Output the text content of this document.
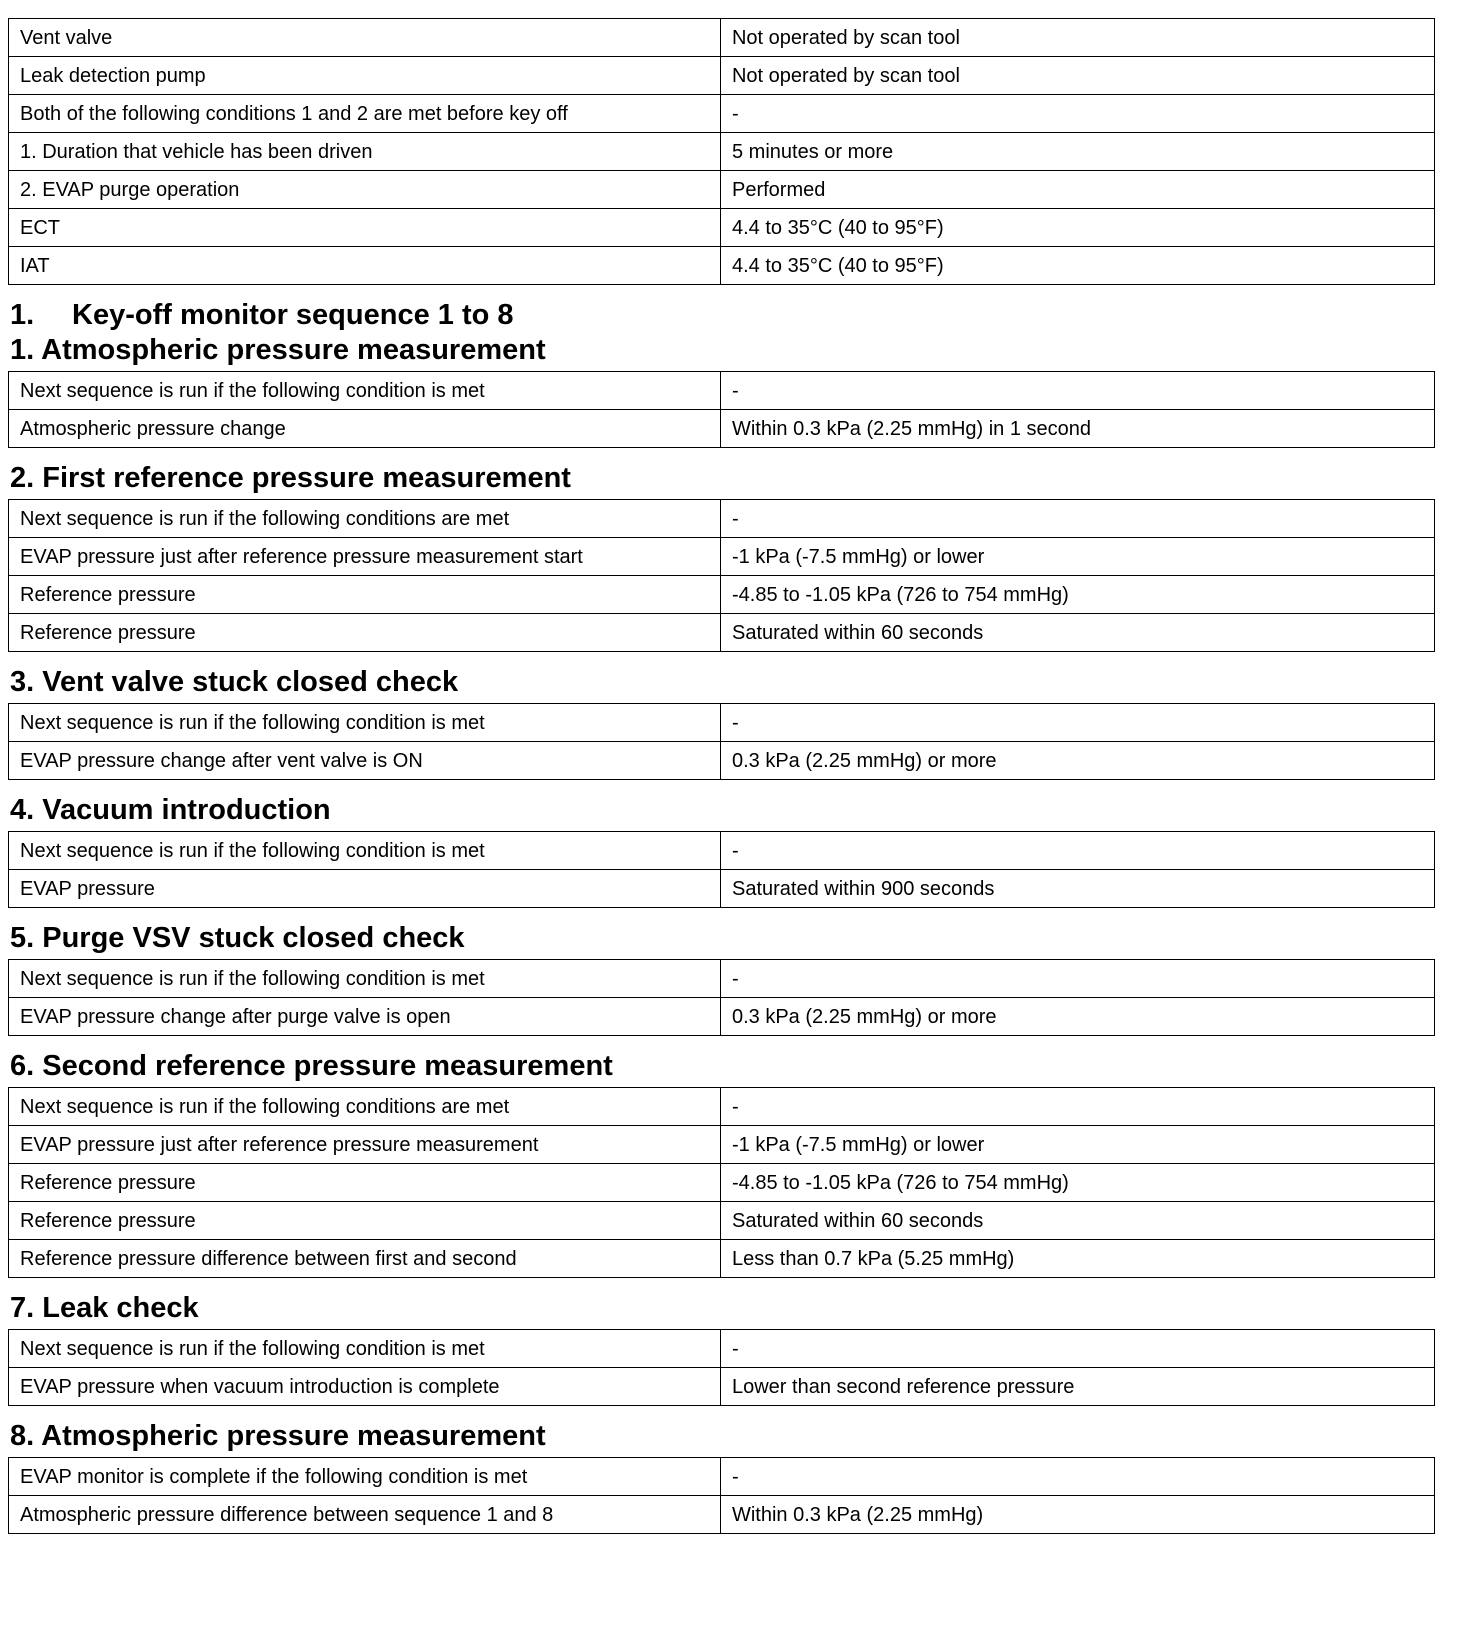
Vent valve	Not operated by scan tool
Leak detection pump	Not operated by scan tool
Both of the following conditions 1 and 2 are met before key off	-
1. Duration that vehicle has been driven	5 minutes or more
2. EVAP purge operation	Performed
ECT	4.4 to 35°C (40 to 95°F)
IAT	4.4 to 35°C (40 to 95°F)
1. Key-off monitor sequence 1 to 8
1. Atmospheric pressure measurement
Next sequence is run if the following condition is met	-
Atmospheric pressure change	Within 0.3 kPa (2.25 mmHg) in 1 second
2. First reference pressure measurement
Next sequence is run if the following conditions are met	-
EVAP pressure just after reference pressure measurement start	-1 kPa (-7.5 mmHg) or lower
Reference pressure	-4.85 to -1.05 kPa (726 to 754 mmHg)
Reference pressure	Saturated within 60 seconds
3. Vent valve stuck closed check
Next sequence is run if the following condition is met	-
EVAP pressure change after vent valve is ON	0.3 kPa (2.25 mmHg) or more
4. Vacuum introduction
Next sequence is run if the following condition is met	-
EVAP pressure	Saturated within 900 seconds
5. Purge VSV stuck closed check
Next sequence is run if the following condition is met	-
EVAP pressure change after purge valve is open	0.3 kPa (2.25 mmHg) or more
6. Second reference pressure measurement
Next sequence is run if the following conditions are met	-
EVAP pressure just after reference pressure measurement	-1 kPa (-7.5 mmHg) or lower
Reference pressure	-4.85 to -1.05 kPa (726 to 754 mmHg)
Reference pressure	Saturated within 60 seconds
Reference pressure difference between first and second	Less than 0.7 kPa (5.25 mmHg)
7. Leak check
Next sequence is run if the following condition is met	-
EVAP pressure when vacuum introduction is complete	Lower than second reference pressure
8. Atmospheric pressure measurement
EVAP monitor is complete if the following condition is met	-
Atmospheric pressure difference between sequence 1 and 8	Within 0.3 kPa (2.25 mmHg)
